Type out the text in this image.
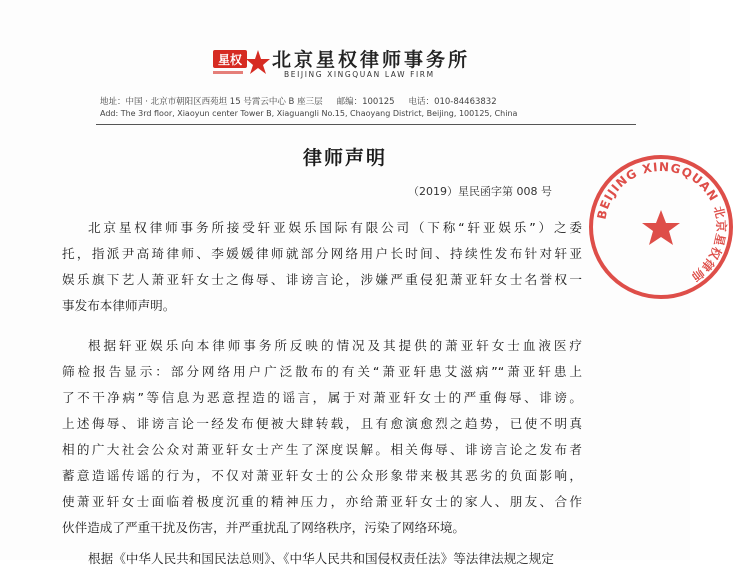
星权 北京星权律师事务所
BEIJING XINGQUAN LAW FIRM
地址：中国 · 北京市朝阳区西苑坦 15 号霄云中心 B 座三层 邮编：100125 电话：010-84463832
Add: The 3rd floor, Xiaoyun center Tower B, Xiaguangli No.15, Chaoyang District, Beijing, 100125, China
律师声明
（2019）星民函字第 008 号
北京星权律师事务所接受轩亚娱乐国际有限公司（下称“轩亚娱乐”）之委
托，指派尹高琦律师、李媛媛律师就部分网络用户长时间、持续性发布针对轩亚
娱乐旗下艺人萧亚轩女士之侮辱、诽谤言论，涉嫌严重侵犯萧亚轩女士名誉权一
事发布本律师声明。
根据轩亚娱乐向本律师事务所反映的情况及其提供的萧亚轩女士血液医疗
筛检报告显示：部分网络用户广泛散布的有关“萧亚轩患艾滋病”“萧亚轩患上
了不干净病”等信息为恶意捏造的谣言，属于对萧亚轩女士的严重侮辱、诽谤。
上述侮辱、诽谤言论一经发布便被大肆转载，且有愈演愈烈之趋势，已使不明真
相的广大社会公众对萧亚轩女士产生了深度误解。相关侮辱、诽谤言论之发布者
蓄意造谣传谣的行为，不仅对萧亚轩女士的公众形象带来极其恶劣的负面影响，
使萧亚轩女士面临着极度沉重的精神压力，亦给萧亚轩女士的家人、朋友、合作
伙伴造成了严重干扰及伤害，并严重扰乱了网络秩序，污染了网络环境。
根据《中华人民共和国民法总则》、《中华人民共和国侵权责任法》等法律法规之规定
BEIJING XINGQUAN 北京星权律师
